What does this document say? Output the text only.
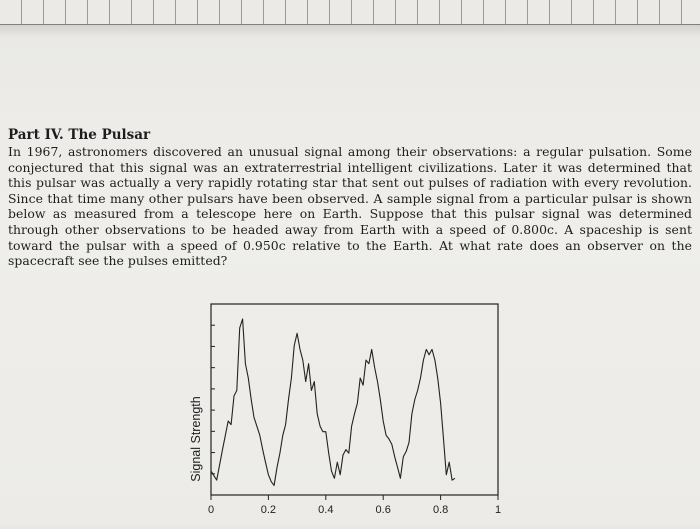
Part IV. The Pulsar

In 1967, astronomers discovered an unusual signal among their observations: a regular pulsation. Some conjectured that this signal was an extraterrestrial intelligent civilizations. Later it was determined that this pulsar was actually a very rapidly rotating star that sent out pulses of radiation with every revolution. Since that time many other pulsars have been observed. A sample signal from a particular pulsar is shown below as measured from a telescope here on Earth. Suppose that this pulsar signal was determined through other observations to be headed away from Earth with a speed of 0.800c. A spaceship is sent toward the pulsar with a speed of 0.950c relative to the Earth. At what rate does an observer on the spacecraft see the pulses emitted?

Signal Strength
0	0.2	0.4	0.6	0.8	1
